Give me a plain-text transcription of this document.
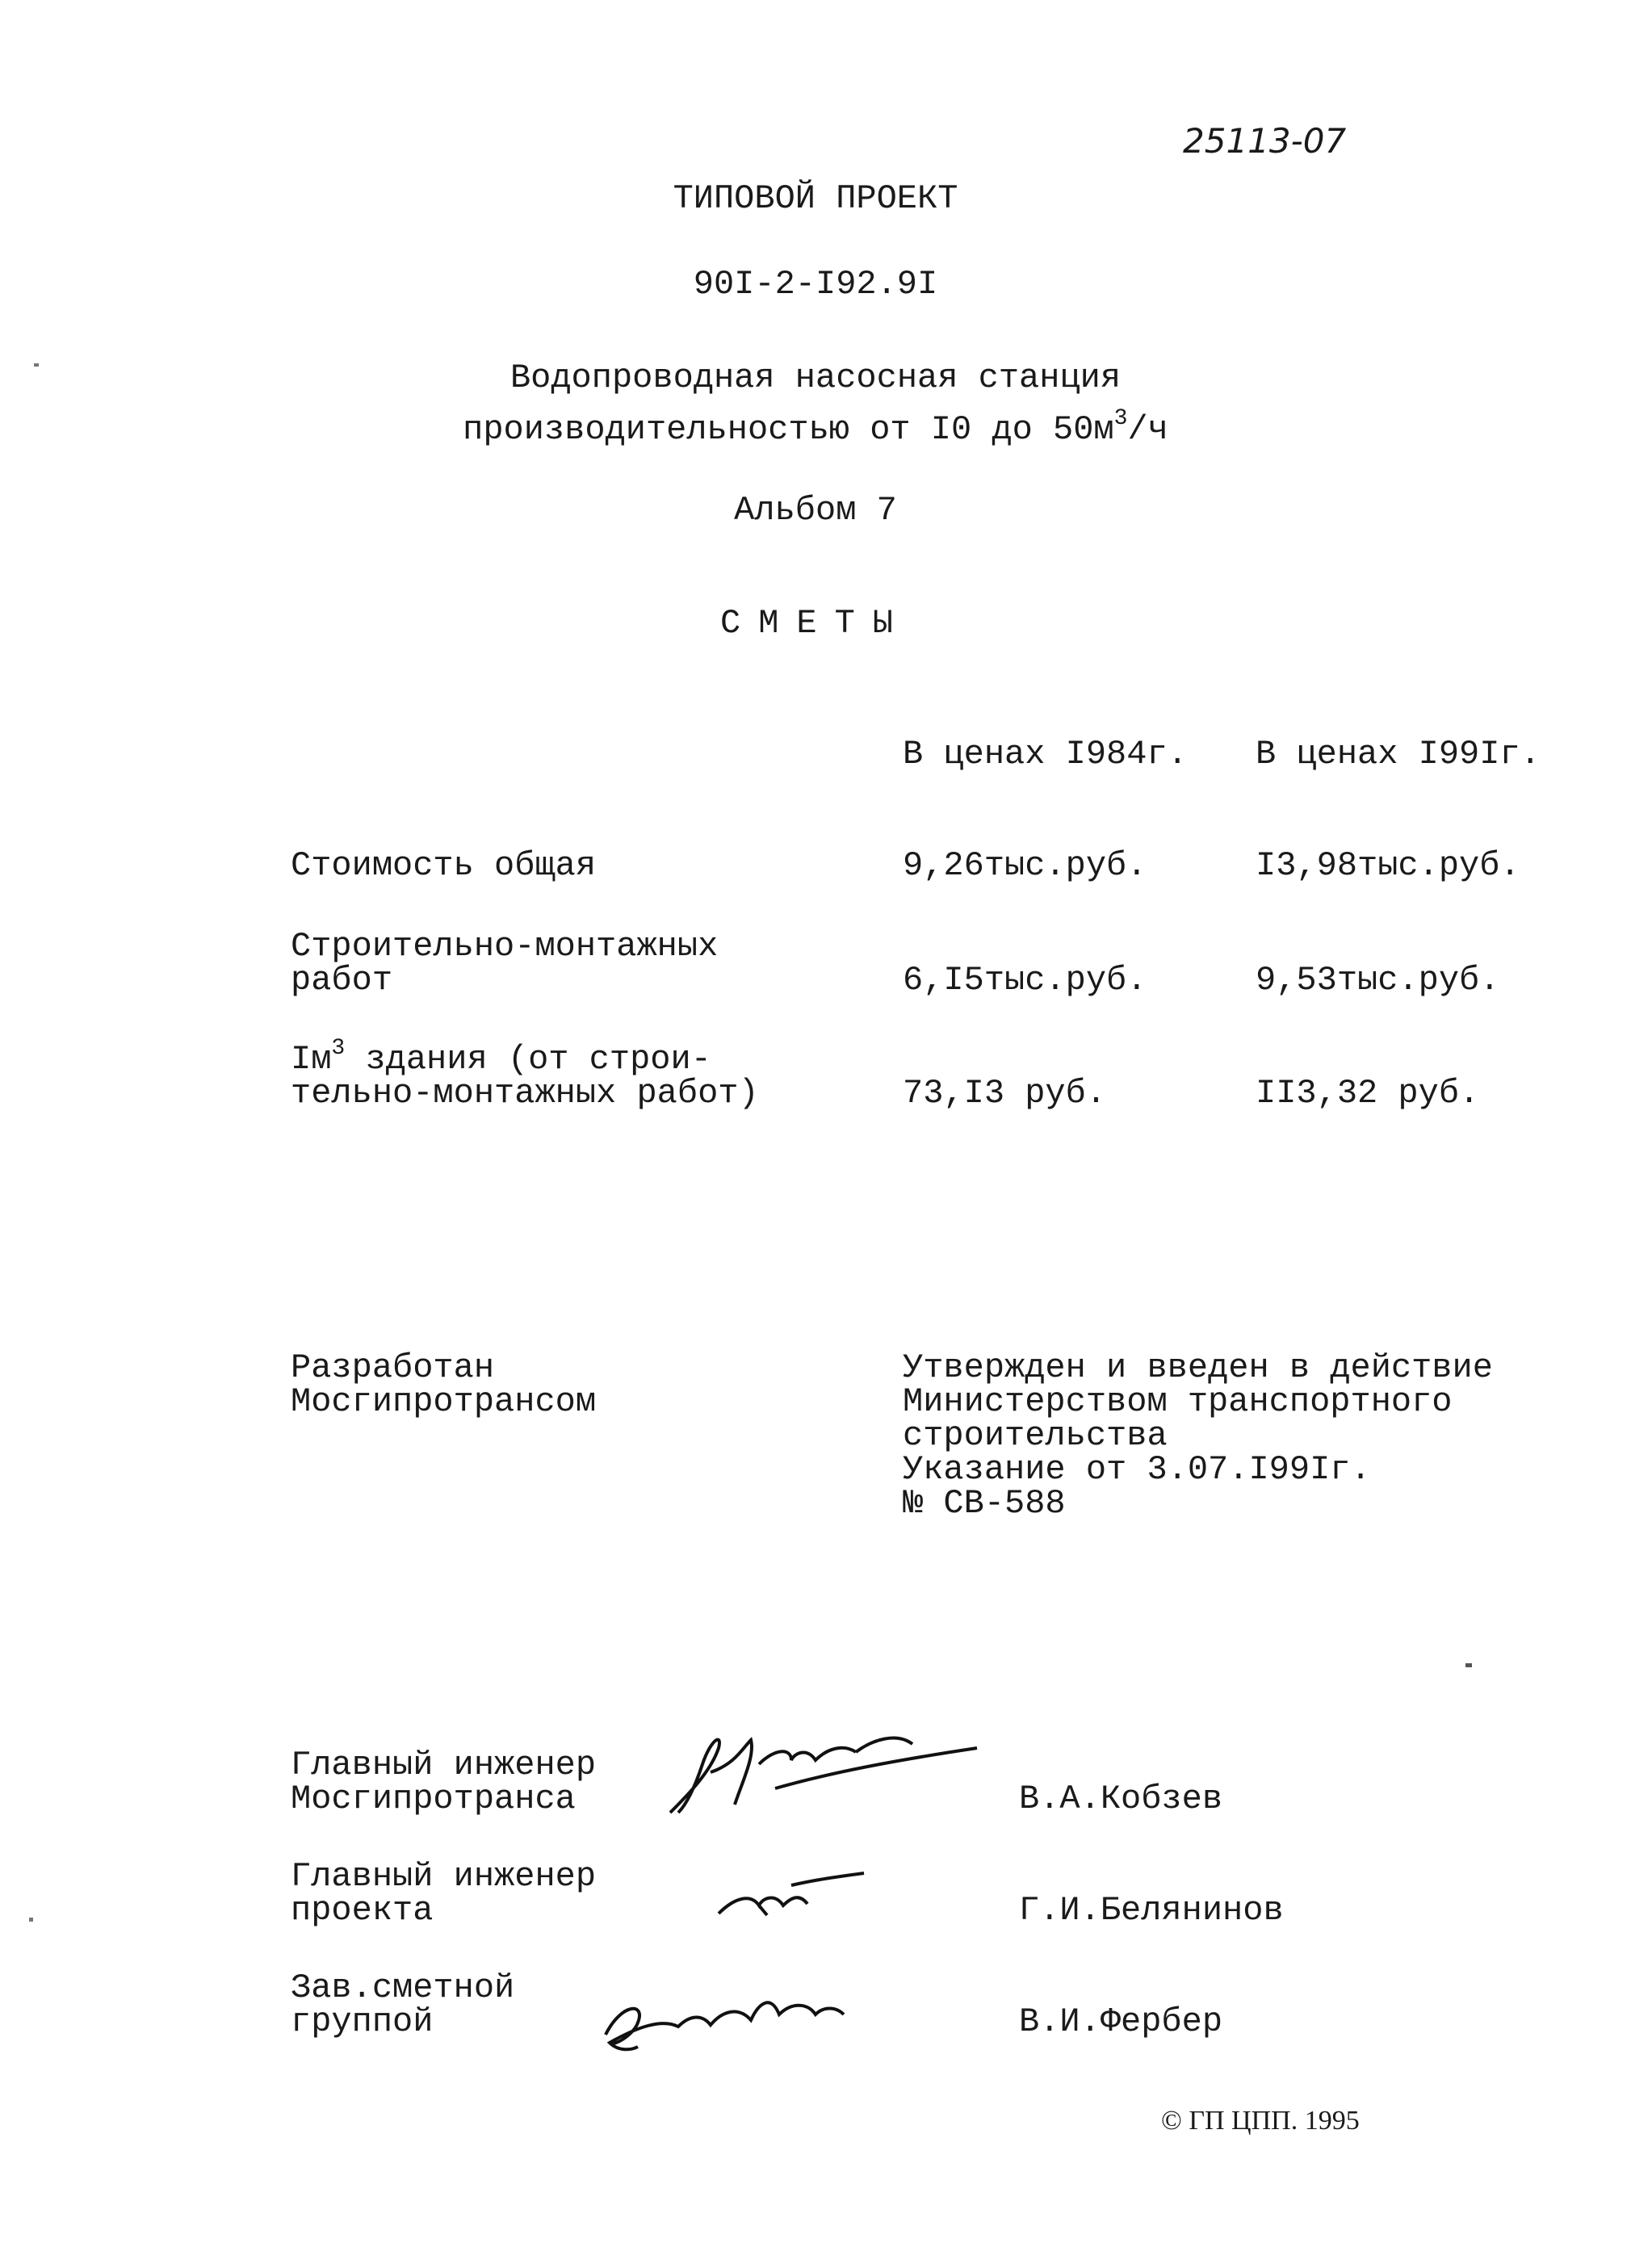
25113-07
ТИПОВОЙ ПРОЕКТ
90I-2-I92.9I
Водопроводная насосная станция
производительностью от I0 до $50м^3/ч$
Альбом 7
СМЕТЫ
В ценах I984г. В ценах I99Iг.
Стоимость общая	9,26тыс.руб.	I3,98тыс.руб.
Строительно-монтажных
работ	6,I5тыс.руб.	9,53тыс.руб.
$Iм^3$ здания (от строи-
тельно-монтажных работ)	73,I3 руб.	II3,32 руб.
Разработан
Мосгипротрансом
Утвержден и введен в действие
Министерством транспортного
строительства
Указание от 3.07.I99Iг.
№ СВ-588
Главный инженер
Мосгипротранса	В.А.Кобзев
Главный инженер
проекта	Г.И.Белянинов
Зав.сметной
группой	В.И.Фербер
© ГП ЦПП. 1995
